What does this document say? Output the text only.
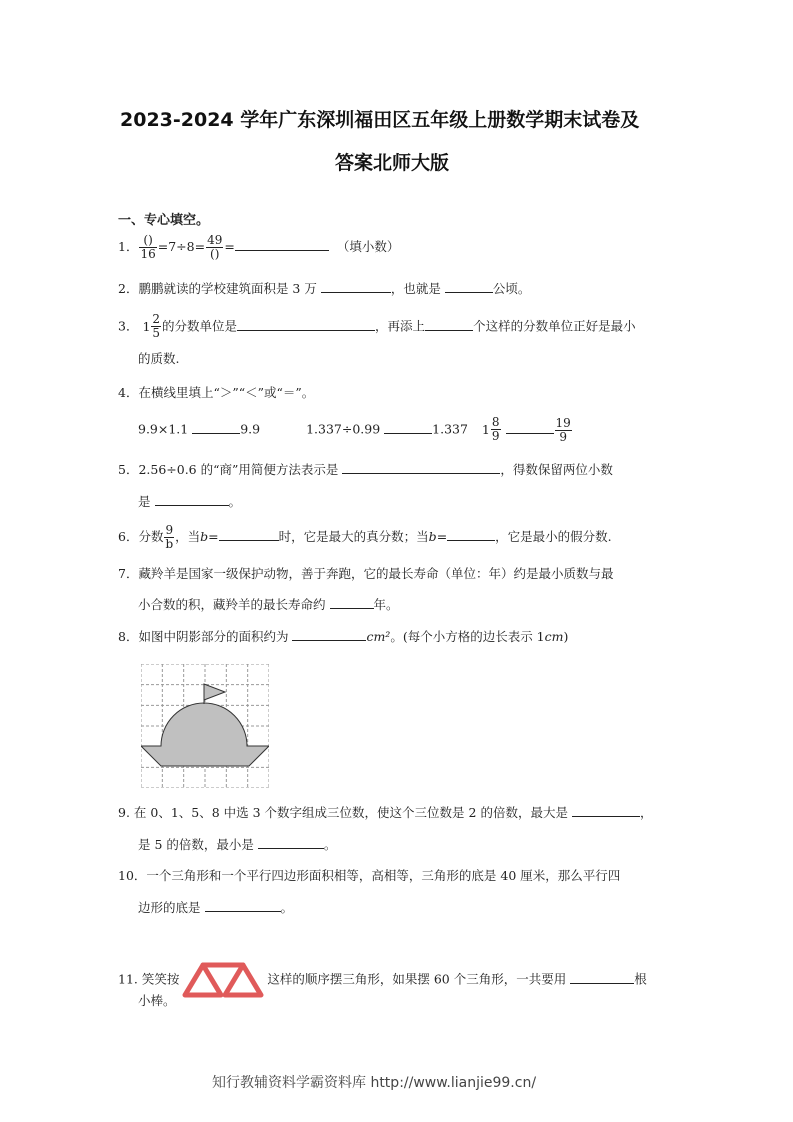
2023-2024 学年广东深圳福田区五年级上册数学期末试卷及
答案北师大版
一、专心填空。
1． $\frac{()}{16} =7\div 8= \frac{49}{()}$ =	（填小数）
2．鹏鹏就读的学校建筑面积是 3 万	，也就是	公顷。
3． $1 \frac{2}{5}$ 的分数单位是	，再添上	个这样的分数单位正好是最小
的质数.
4．在横线里填上“＞”“＜”或“＝”。
9.9×1.1	9.9	1.337÷0.99	1.337 $1 \frac{8}{9}$
	$\frac{19}{9}$
5．2.56÷0.6 的“商”用简便方法表示是	，得数保留两位小数
是	。
6．分数 $\frac{9}{b}$ ，当b=	时，它是最大的真分数；当b=	，它是最小的假分数.
7．藏羚羊是国家一级保护动物，善于奔跑，它的最长寿命（单位：年）约是最小质数与最
小合数的积，藏羚羊的最长寿命约	年。
8．如图中阴影部分的面积约为	cm²。(每个小方格的边长表示 1cm)
9. 在 0、1、5、8 中选 3 个数字组成三位数，使这个三位数是 2 的倍数，最大是	，
是 5 的倍数，最小是	。
10．一个三角形和一个平行四边形面积相等，高相等，三角形的底是 40 厘米，那么平行四
边形的底是	。
11. 笑笑按	这样的顺序摆三角形，如果摆 60 个三角形，一共要用	根
小棒。
知行教辅资料学霸资料库 http://www.lianjie99.cn/
